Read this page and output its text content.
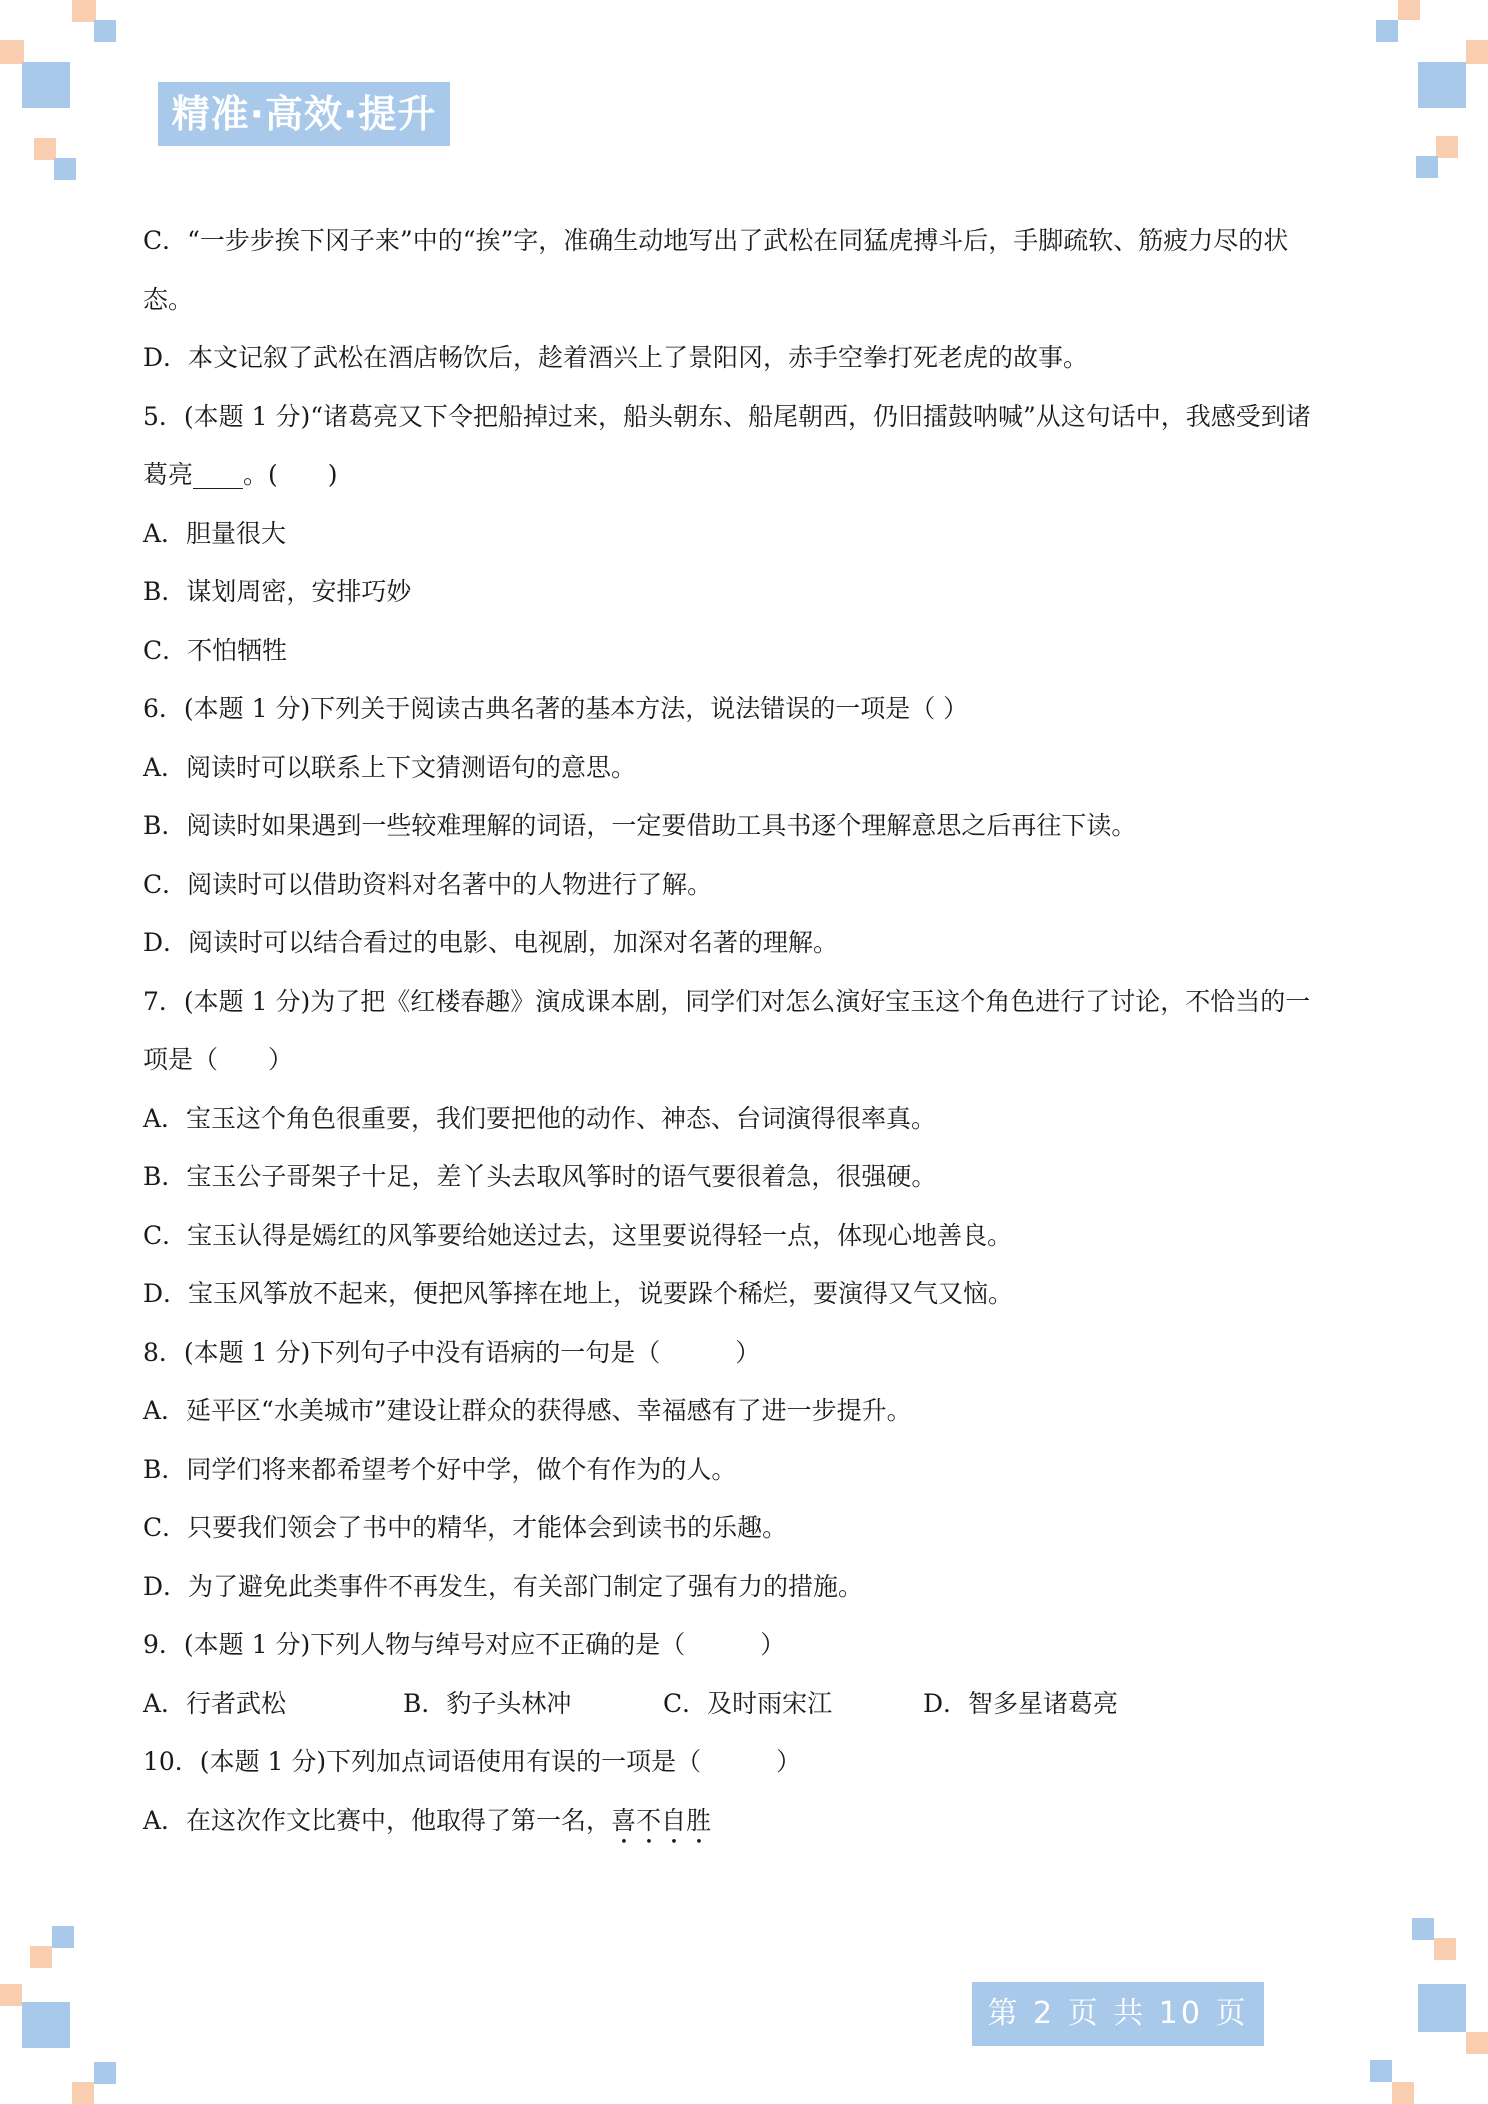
精准·高效·提升
C．“一步步挨下冈子来”中的“挨”字，准确生动地写出了武松在同猛虎搏斗后，手脚疏软、筋疲力尽的状
态。
D．本文记叙了武松在酒店畅饮后，趁着酒兴上了景阳冈，赤手空拳打死老虎的故事。
5．(本题 1 分)“诸葛亮又下令把船掉过来，船头朝东、船尾朝西，仍旧擂鼓呐喊”从这句话中，我感受到诸
葛亮____。(　　)
A．胆量很大
B．谋划周密，安排巧妙
C．不怕牺牲
6．(本题 1 分)下列关于阅读古典名著的基本方法，说法错误的一项是（ ）
A．阅读时可以联系上下文猜测语句的意思。
B．阅读时如果遇到一些较难理解的词语，一定要借助工具书逐个理解意思之后再往下读。
C．阅读时可以借助资料对名著中的人物进行了解。
D．阅读时可以结合看过的电影、电视剧，加深对名著的理解。
7．(本题 1 分)为了把《红楼春趣》演成课本剧，同学们对怎么演好宝玉这个角色进行了讨论，不恰当的一
项是（　　）
A．宝玉这个角色很重要，我们要把他的动作、神态、台词演得很率真。
B．宝玉公子哥架子十足，差丫头去取风筝时的语气要很着急，很强硬。
C．宝玉认得是嫣红的风筝要给她送过去，这里要说得轻一点，体现心地善良。
D．宝玉风筝放不起来，便把风筝摔在地上，说要跺个稀烂，要演得又气又恼。
8．(本题 1 分)下列句子中没有语病的一句是（　　　）
A．延平区“水美城市”建设让群众的获得感、幸福感有了进一步提升。
B．同学们将来都希望考个好中学，做个有作为的人。
C．只要我们领会了书中的精华，才能体会到读书的乐趣。
D．为了避免此类事件不再发生，有关部门制定了强有力的措施。
9．(本题 1 分)下列人物与绰号对应不正确的是（　　　）
A．行者武松	B．豹子头林冲	C．及时雨宋江	D．智多星诸葛亮
10．(本题 1 分)下列加点词语使用有误的一项是（　　　）
A．在这次作文比赛中，他取得了第一名，喜不自胜
第 2 页 共 10 页
